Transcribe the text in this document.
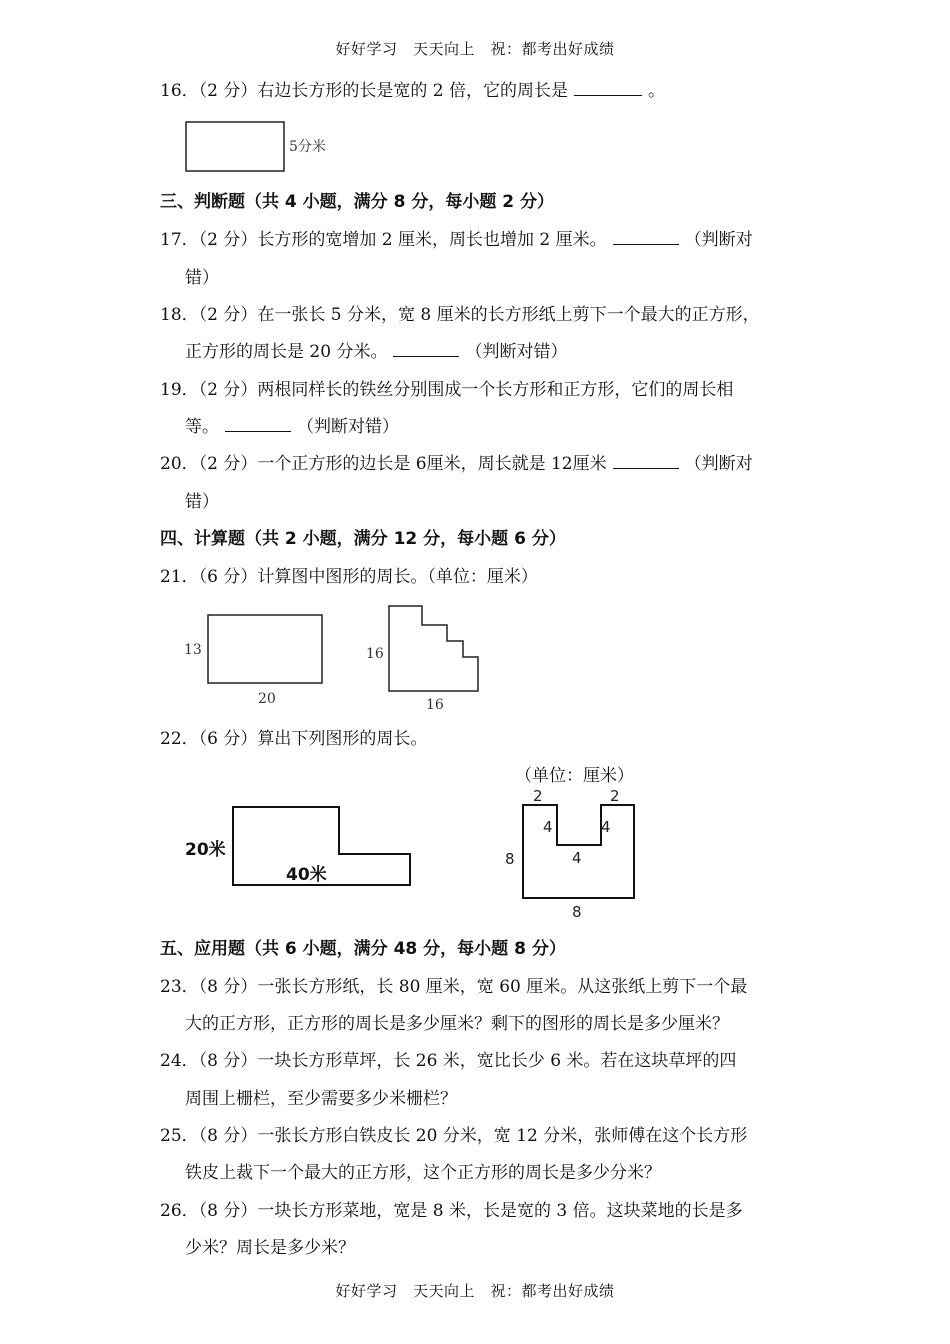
好好学习　天天向上　祝：都考出好成绩
16．（2 分）右边长方形的长是宽的 2 倍，它的周长是	。
5分米
三、判断题（共 4 小题，满分 8 分，每小题 2 分）
17．（2 分）长方形的宽增加 2 厘米，周长也增加 2 厘米。	（判断对
错）
18．（2 分）在一张长 5 分米，宽 8 厘米的长方形纸上剪下一个最大的正方形，
正方形的周长是 20 分米。	（判断对错）
19．（2 分）两根同样长的铁丝分别围成一个长方形和正方形，它们的周长相
等。	（判断对错）
20．（2 分）一个正方形的边长是 6厘米，周长就是 12厘米	（判断对
错）
四、计算题（共 2 小题，满分 12 分，每小题 6 分）
21．（6 分）计算图中图形的周长。（单位：厘米）
13
20
16
16
22．（6 分）算出下列图形的周长。
（单位：厘米）
20米
40米
2	2
4	4
4
8
8
五、应用题（共 6 小题，满分 48 分，每小题 8 分）
23．（8 分）一张长方形纸，长 80 厘米，宽 60 厘米。从这张纸上剪下一个最
大的正方形，正方形的周长是多少厘米？剩下的图形的周长是多少厘米？
24．（8 分）一块长方形草坪，长 26 米，宽比长少 6 米。若在这块草坪的四
周围上栅栏，至少需要多少米栅栏？
25．（8 分）一张长方形白铁皮长 20 分米，宽 12 分米，张师傅在这个长方形
铁皮上裁下一个最大的正方形，这个正方形的周长是多少分米？
26．（8 分）一块长方形菜地，宽是 8 米，长是宽的 3 倍。这块菜地的长是多
少米？周长是多少米？
好好学习　天天向上　祝：都考出好成绩
